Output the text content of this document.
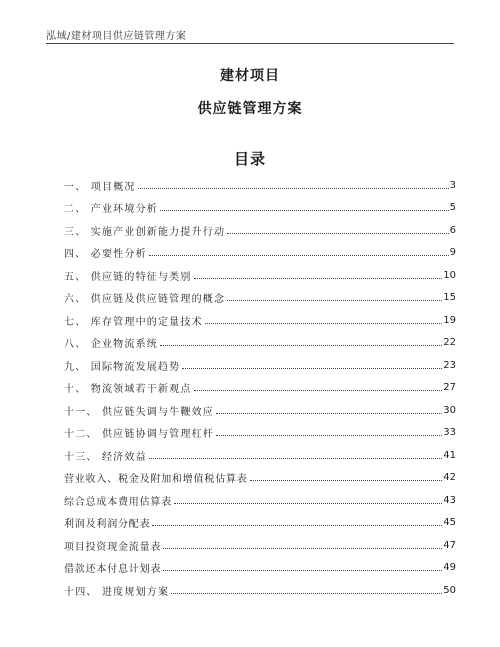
泓域/建材项目供应链管理方案
建材项目
供应链管理方案
目录
一、 项目概况	3
二、 产业环境分析	5
三、 实施产业创新能力提升行动	6
四、 必要性分析	9
五、 供应链的特征与类别	10
六、 供应链及供应链管理的概念	15
七、 库存管理中的定量技术	19
八、 企业物流系统	22
九、 国际物流发展趋势	23
十、 物流领域若干新观点	27
十一、 供应链失调与牛鞭效应	30
十二、 供应链协调与管理杠杆	33
十三、 经济效益	41
营业收入、税金及附加和增值税估算表	42
综合总成本费用估算表	43
利润及利润分配表	45
项目投资现金流量表	47
借款还本付息计划表	49
十四、 进度规划方案	50
